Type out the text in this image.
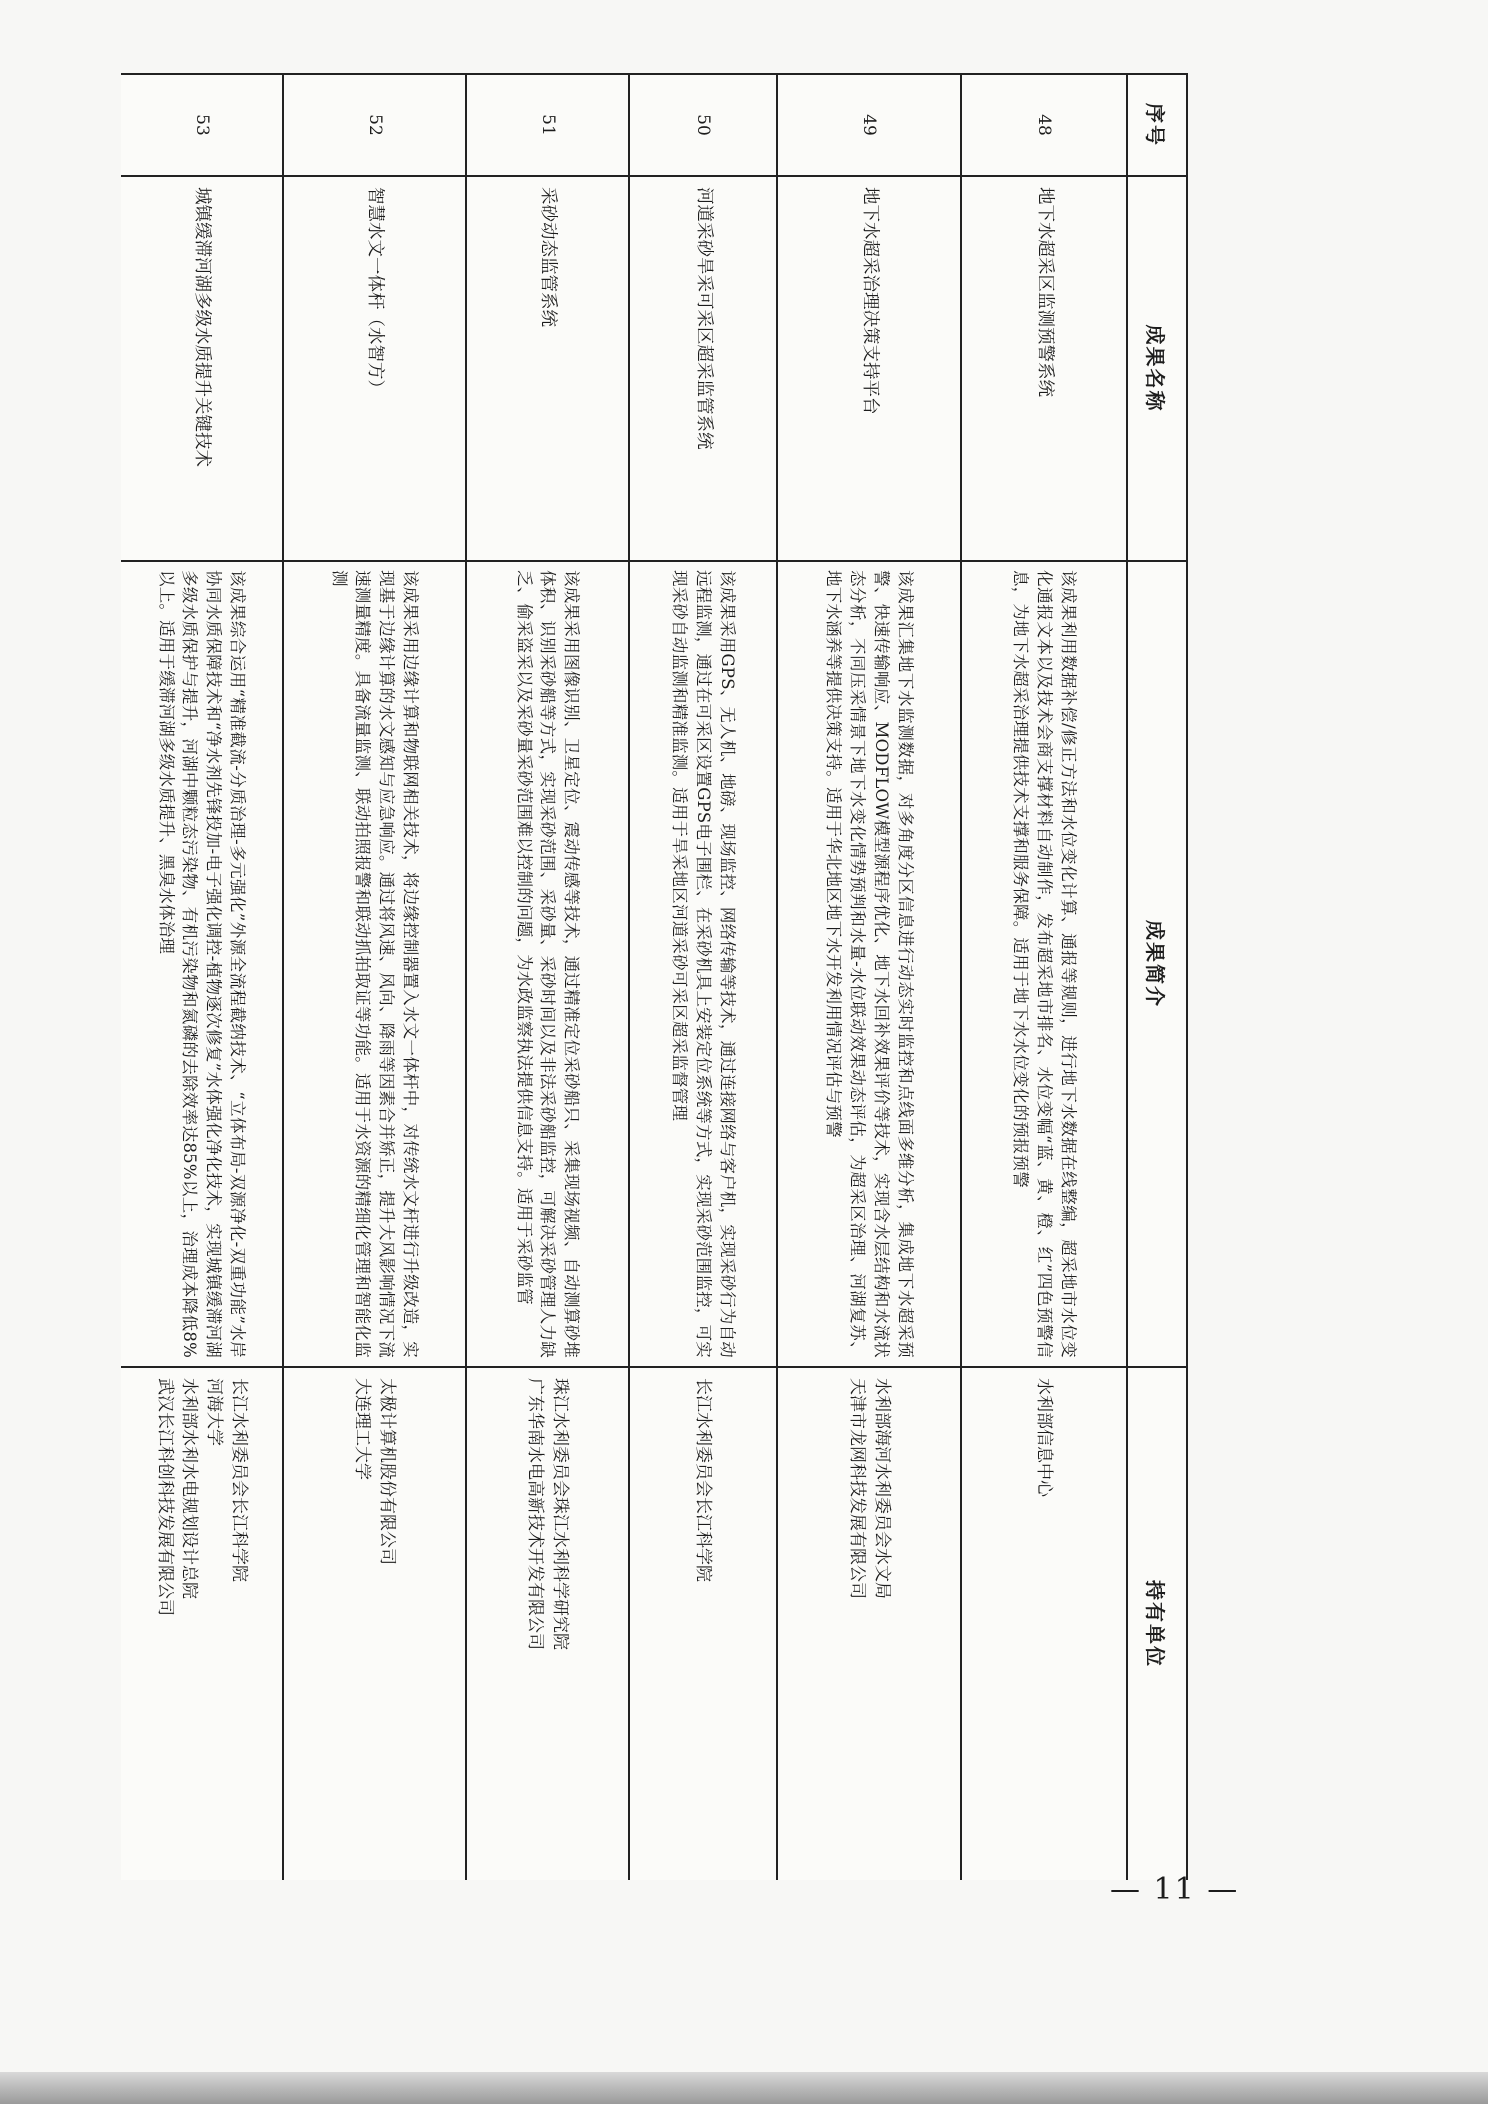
序号	成果名称	成果简介	持有单位
48	地下水超采区监测预警系统	该成果利用数据补偿/修正方法和水位变化计算、通报等规则，进行地下水数据在线整编，超采地市水位变化通报文本以及技术会商支撑材料自动制作，发布超采地市排名、水位变幅“蓝、黄、橙、红”四色预警信息，为地下水超采治理提供技术支撑和服务保障。适用于地下水水位变化的预报预警	水利部信息中心

49	地下水超采治理决策支持平台	该成果汇集地下水监测数据，对多角度分区信息进行动态实时监控和点线面多维分析，集成地下水超采预警、快速传输响应、MODFLOW模型源程序优化、地下水回补效果评价等技术，实现含水层结构和水流状态分析，不同压采情景下地下水变化情势预判和水量-水位联动效果动态评估，为超采区治理、河湖复苏、地下水涵养等提供决策支持。适用于华北地区地下水开发利用情况评估与预警	水利部海河水利委员会水文局
天津市龙网科技发展有限公司

50	河道采砂旱采可采区超采监管系统	该成果采用GPS、无人机、地磅、现场监控、网络传输等技术，通过连接网络与客户机，实现采砂行为自动远程监测，通过在可采区设置GPS电子围栏、在采砂机具上安装定位系统等方式，实现采砂范围监控，可实现采砂自动监测和精准监测。适用于旱采地区河道采砂可采区超采监督管理	长江水利委员会长江科学院

51	采砂动态监管系统	该成果采用图像识别、卫星定位、震动传感等技术，通过精准定位采砂船只、采集现场视频、自动测算砂堆体积、识别采砂船等方式，实现采砂范围、采砂量、采砂时间以及非法采砂船监控，可解决采砂管理人力缺乏、偷采盗采以及采砂量采砂范围难以控制的问题，为水政监察执法提供信息支持。适用于采砂监管	珠江水利委员会珠江水利科学研究院
广东华南水电高新技术开发有限公司

52	智慧水文一体杆（水智方）	该成果采用边缘计算和物联网相关技术，将边缘控制器置入水文一体杆中，对传统水文杆进行升级改造，实现基于边缘计算的水文感知与应急响应。通过将风速、风向、降雨等因素合并矫正，提升大风影响情况下流速测量精度。具备流量监测、联动拍照报警和联动抓拍取证等功能。适用于水资源的精细化管理和智能化监测	太极计算机股份有限公司
大连理工大学

53	城镇缓滞河湖多级水质提升关键技术	该成果综合运用“精准截流-分质治理-多元强化”外源全流程截纳技术、“立体布局-双源净化-双重功能”水岸协同水质保障技术和“净水剂先锋投加-电子强化调控-植物逐次修复”水体强化净化技术，实现城镇缓滞河湖多级水质保护与提升，河湖中颗粒态污染物、有机污染物和氮磷的去除效率达85%以上，治理成本降低8%以上。适用于缓滞河湖多级水质提升、黑臭水体治理	长江水利委员会长江科学院
河海大学
水利部水利水电规划设计总院
武汉长江科创科技发展有限公司
— 11 —
